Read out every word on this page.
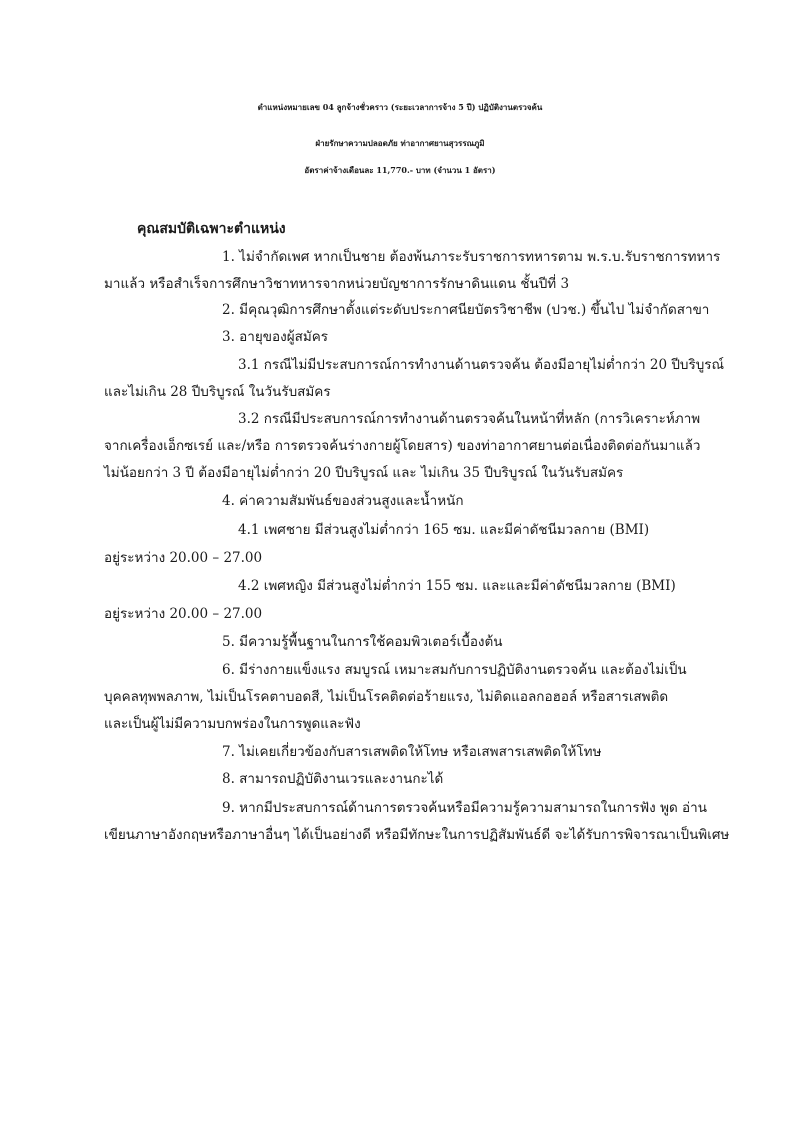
ตำแหน่งหมายเลข 04 ลูกจ้างชั่วคราว (ระยะเวลาการจ้าง 5 ปี) ปฏิบัติงานตรวจค้น
ฝ่ายรักษาความปลอดภัย ท่าอากาศยานสุวรรณภูมิ
อัตราค่าจ้างเดือนละ 11,770.- บาท (จำนวน 1 อัตรา)
คุณสมบัติเฉพาะตำแหน่ง
1. ไม่จำกัดเพศ หากเป็นชาย ต้องพ้นภาระรับราชการทหารตาม พ.ร.บ.รับราชการทหาร
มาแล้ว หรือสำเร็จการศึกษาวิชาทหารจากหน่วยบัญชาการรักษาดินแดน ชั้นปีที่ 3
2. มีคุณวุฒิการศึกษาตั้งแต่ระดับประกาศนียบัตรวิชาชีพ (ปวช.) ขึ้นไป ไม่จำกัดสาขา
3. อายุของผู้สมัคร
3.1 กรณีไม่มีประสบการณ์การทำงานด้านตรวจค้น ต้องมีอายุไม่ต่ำกว่า 20 ปีบริบูรณ์
และไม่เกิน 28 ปีบริบูรณ์ ในวันรับสมัคร
3.2 กรณีมีประสบการณ์การทำงานด้านตรวจค้นในหน้าที่หลัก (การวิเคราะห์ภาพ
จากเครื่องเอ็กซเรย์ และ/หรือ การตรวจค้นร่างกายผู้โดยสาร) ของท่าอากาศยานต่อเนื่องติดต่อกันมาแล้ว
ไม่น้อยกว่า 3 ปี ต้องมีอายุไม่ต่ำกว่า 20 ปีบริบูรณ์ และ ไม่เกิน 35 ปีบริบูรณ์ ในวันรับสมัคร
4. ค่าความสัมพันธ์ของส่วนสูงและน้ำหนัก
4.1 เพศชาย มีส่วนสูงไม่ต่ำกว่า 165 ซม. และมีค่าดัชนีมวลกาย (BMI)
อยู่ระหว่าง 20.00 – 27.00
4.2 เพศหญิง มีส่วนสูงไม่ต่ำกว่า 155 ซม. และและมีค่าดัชนีมวลกาย (BMI)
อยู่ระหว่าง 20.00 – 27.00
5. มีความรู้พื้นฐานในการใช้คอมพิวเตอร์เบื้องต้น
6. มีร่างกายแข็งแรง สมบูรณ์ เหมาะสมกับการปฏิบัติงานตรวจค้น และต้องไม่เป็น
บุคคลทุพพลภาพ, ไม่เป็นโรคตาบอดสี, ไม่เป็นโรคติดต่อร้ายแรง, ไม่ติดแอลกอฮอล์ หรือสารเสพติด
และเป็นผู้ไม่มีความบกพร่องในการพูดและฟัง
7. ไม่เคยเกี่ยวข้องกับสารเสพติดให้โทษ หรือเสพสารเสพติดให้โทษ
8. สามารถปฏิบัติงานเวรและงานกะได้
9. หากมีประสบการณ์ด้านการตรวจค้นหรือมีความรู้ความสามารถในการฟัง พูด อ่าน
เขียนภาษาอังกฤษหรือภาษาอื่นๆ ได้เป็นอย่างดี หรือมีทักษะในการปฏิสัมพันธ์ดี จะได้รับการพิจารณาเป็นพิเศษ
